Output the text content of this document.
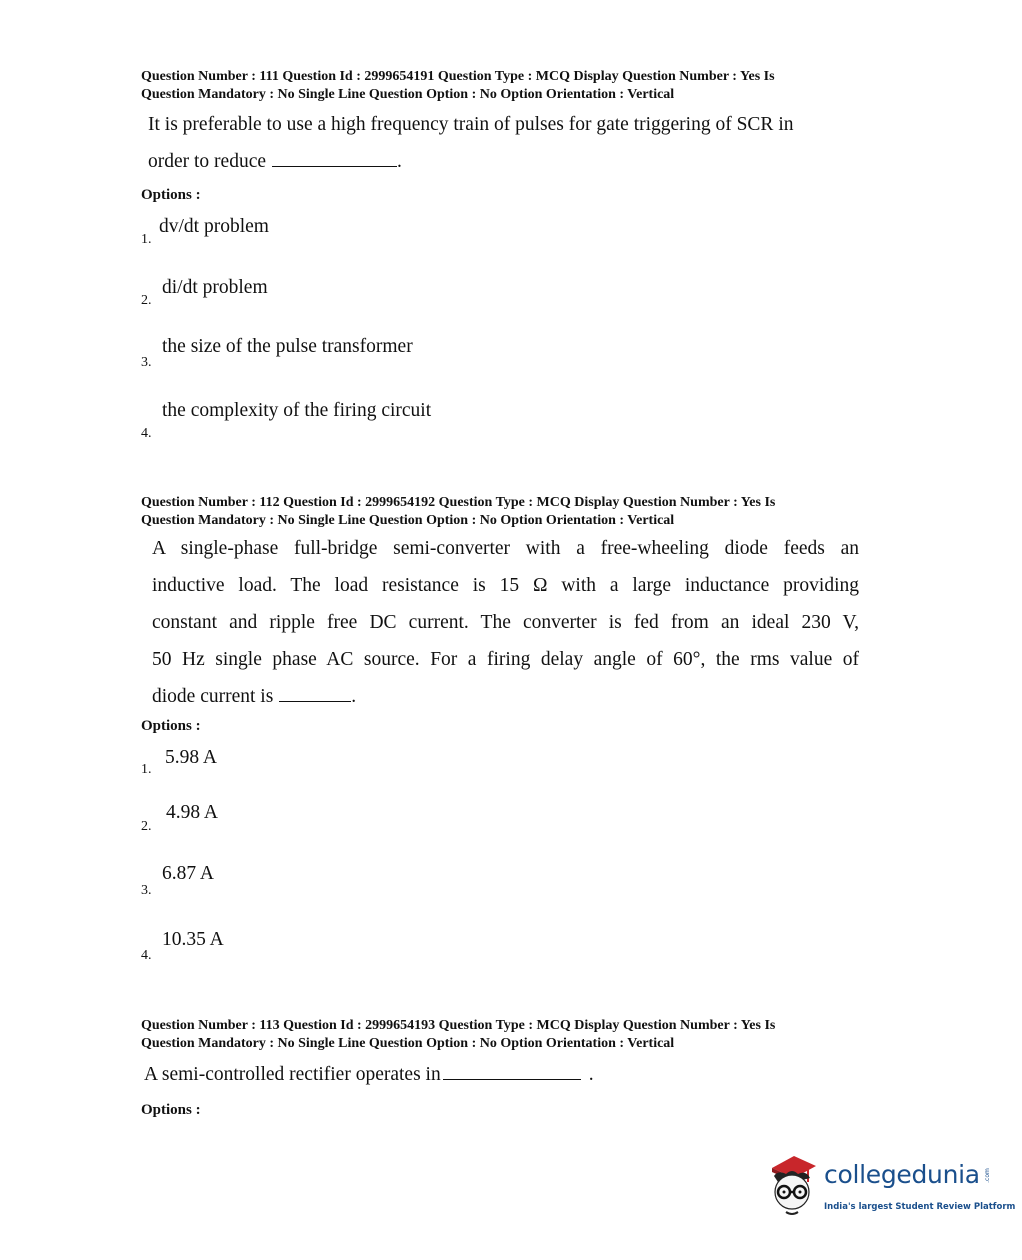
Question Number : 111 Question Id : 2999654191 Question Type : MCQ Display Question Number : Yes Is
Question Mandatory : No Single Line Question Option : No Option Orientation : Vertical
It is preferable to use a high frequency train of pulses for gate triggering of SCR in
order to reduce	.
Options :
1.
dv/dt problem
2.
di/dt problem
3.
the size of the pulse transformer
4.
the complexity of the firing circuit
Question Number : 112 Question Id : 2999654192 Question Type : MCQ Display Question Number : Yes Is
Question Mandatory : No Single Line Question Option : No Option Orientation : Vertical
A single-phase full-bridge semi-converter with a free-wheeling diode feeds an
inductive load. The load resistance is 15 Ω with a large inductance providing
constant and ripple free DC current. The converter is fed from an ideal 230 V,
50 Hz single phase AC source. For a firing delay angle of 60°, the rms value of
diode current is	.
Options :
1.
5.98 A
2.
4.98 A
3.
6.87 A
4.
10.35 A
Question Number : 113 Question Id : 2999654193 Question Type : MCQ Display Question Number : Yes Is
Question Mandatory : No Single Line Question Option : No Option Orientation : Vertical
A semi-controlled rectifier operates in	.
Options :
collegedunia .com
India's largest Student Review Platform
